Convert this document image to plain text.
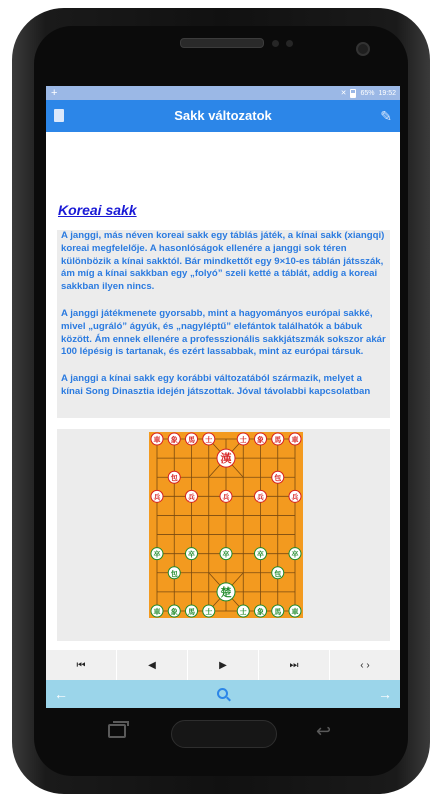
+	✕ 65% 19:52
Sakk változatok	✎
Koreai sakk

A janggi, más néven koreai sakk egy táblás játék, a kínai sakk (xiangqi) koreai megfelelője. A hasonlóságok ellenére a janggi sok téren különbözik a kínai sakktól. Bár mindkettőt egy 9×10-es táblán játsszák, ám míg a kínai sakkban egy „folyó” szeli ketté a táblát, addig a koreai sakkban ilyen nincs.

A janggi játékmenete gyorsabb, mint a hagyományos európai sakké, mivel „ugráló” ágyúk, és „nagyléptű” elefántok találhatók a bábuk között. Ám ennek ellenére a professzionális sakkjátszmák sokszor akár 100 lépésig is tartanak, és ezért lassabbak, mint az európai társuk.

A janggi a kínai sakk egy korábbi változatából származik, melyet a kínai Song Dinasztia idején játszottak. Jóval távolabbi kapcsolatban

車 象 馬 士	士 象 馬 車
漢
包	包
兵	兵	兵	兵	兵
卒	卒	卒	卒	卒
包	包
楚
車 象 馬 士	士 象 馬 車
⏮	◀	▶	⏭	‹ ›
←	→
↩
